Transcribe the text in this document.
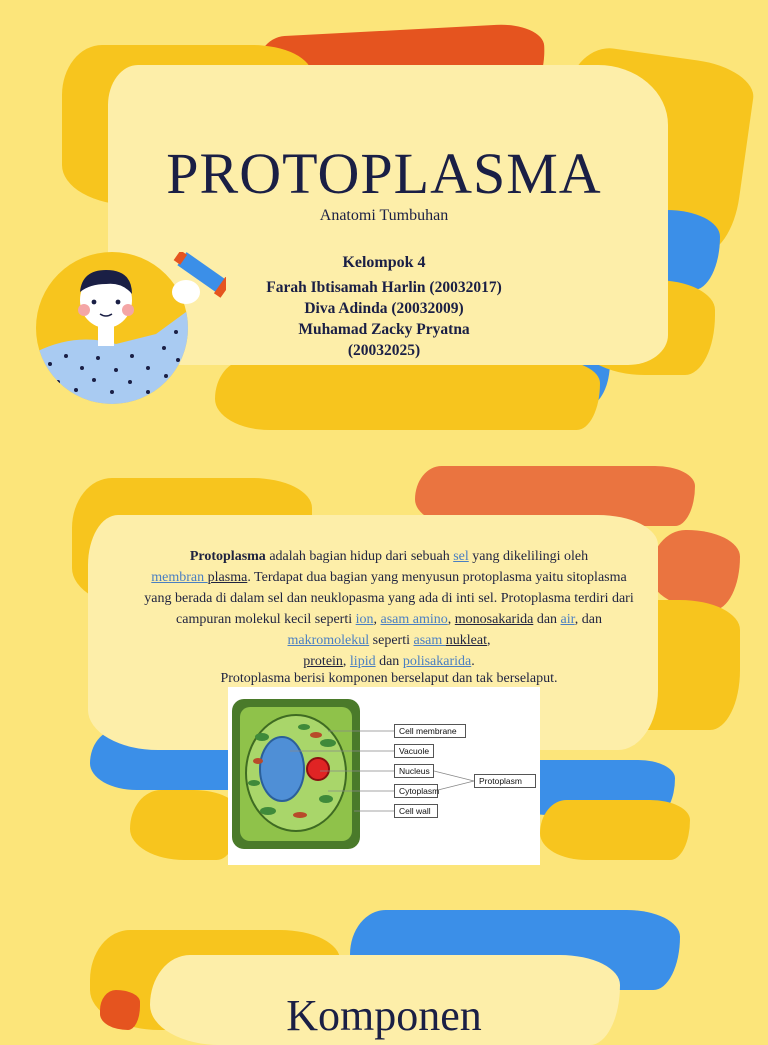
PROTOPLASMA
Anatomi Tumbuhan
Kelompok 4
Farah Ibtisamah Harlin (20032017)
Diva Adinda (20032009)
Muhamad Zacky Pryatna
(20032025)
Protoplasma adalah bagian hidup dari sebuah sel yang dikelilingi oleh
membran plasma. Terdapat dua bagian yang menyusun protoplasma yaitu sitoplasma yang berada di dalam sel dan neuklopasma yang ada di inti sel. Protoplasma terdiri dari campuran molekul kecil seperti ion, asam amino, monosakarida dan air, dan makromolekul seperti asam nukleat,
protein, lipid dan polisakarida.
Protoplasma berisi komponen berselaput dan tak berselaput.
Cell membrane
Vacuole
Nucleus
Cytoplasm
Cell wall
Protoplasm
Komponen
